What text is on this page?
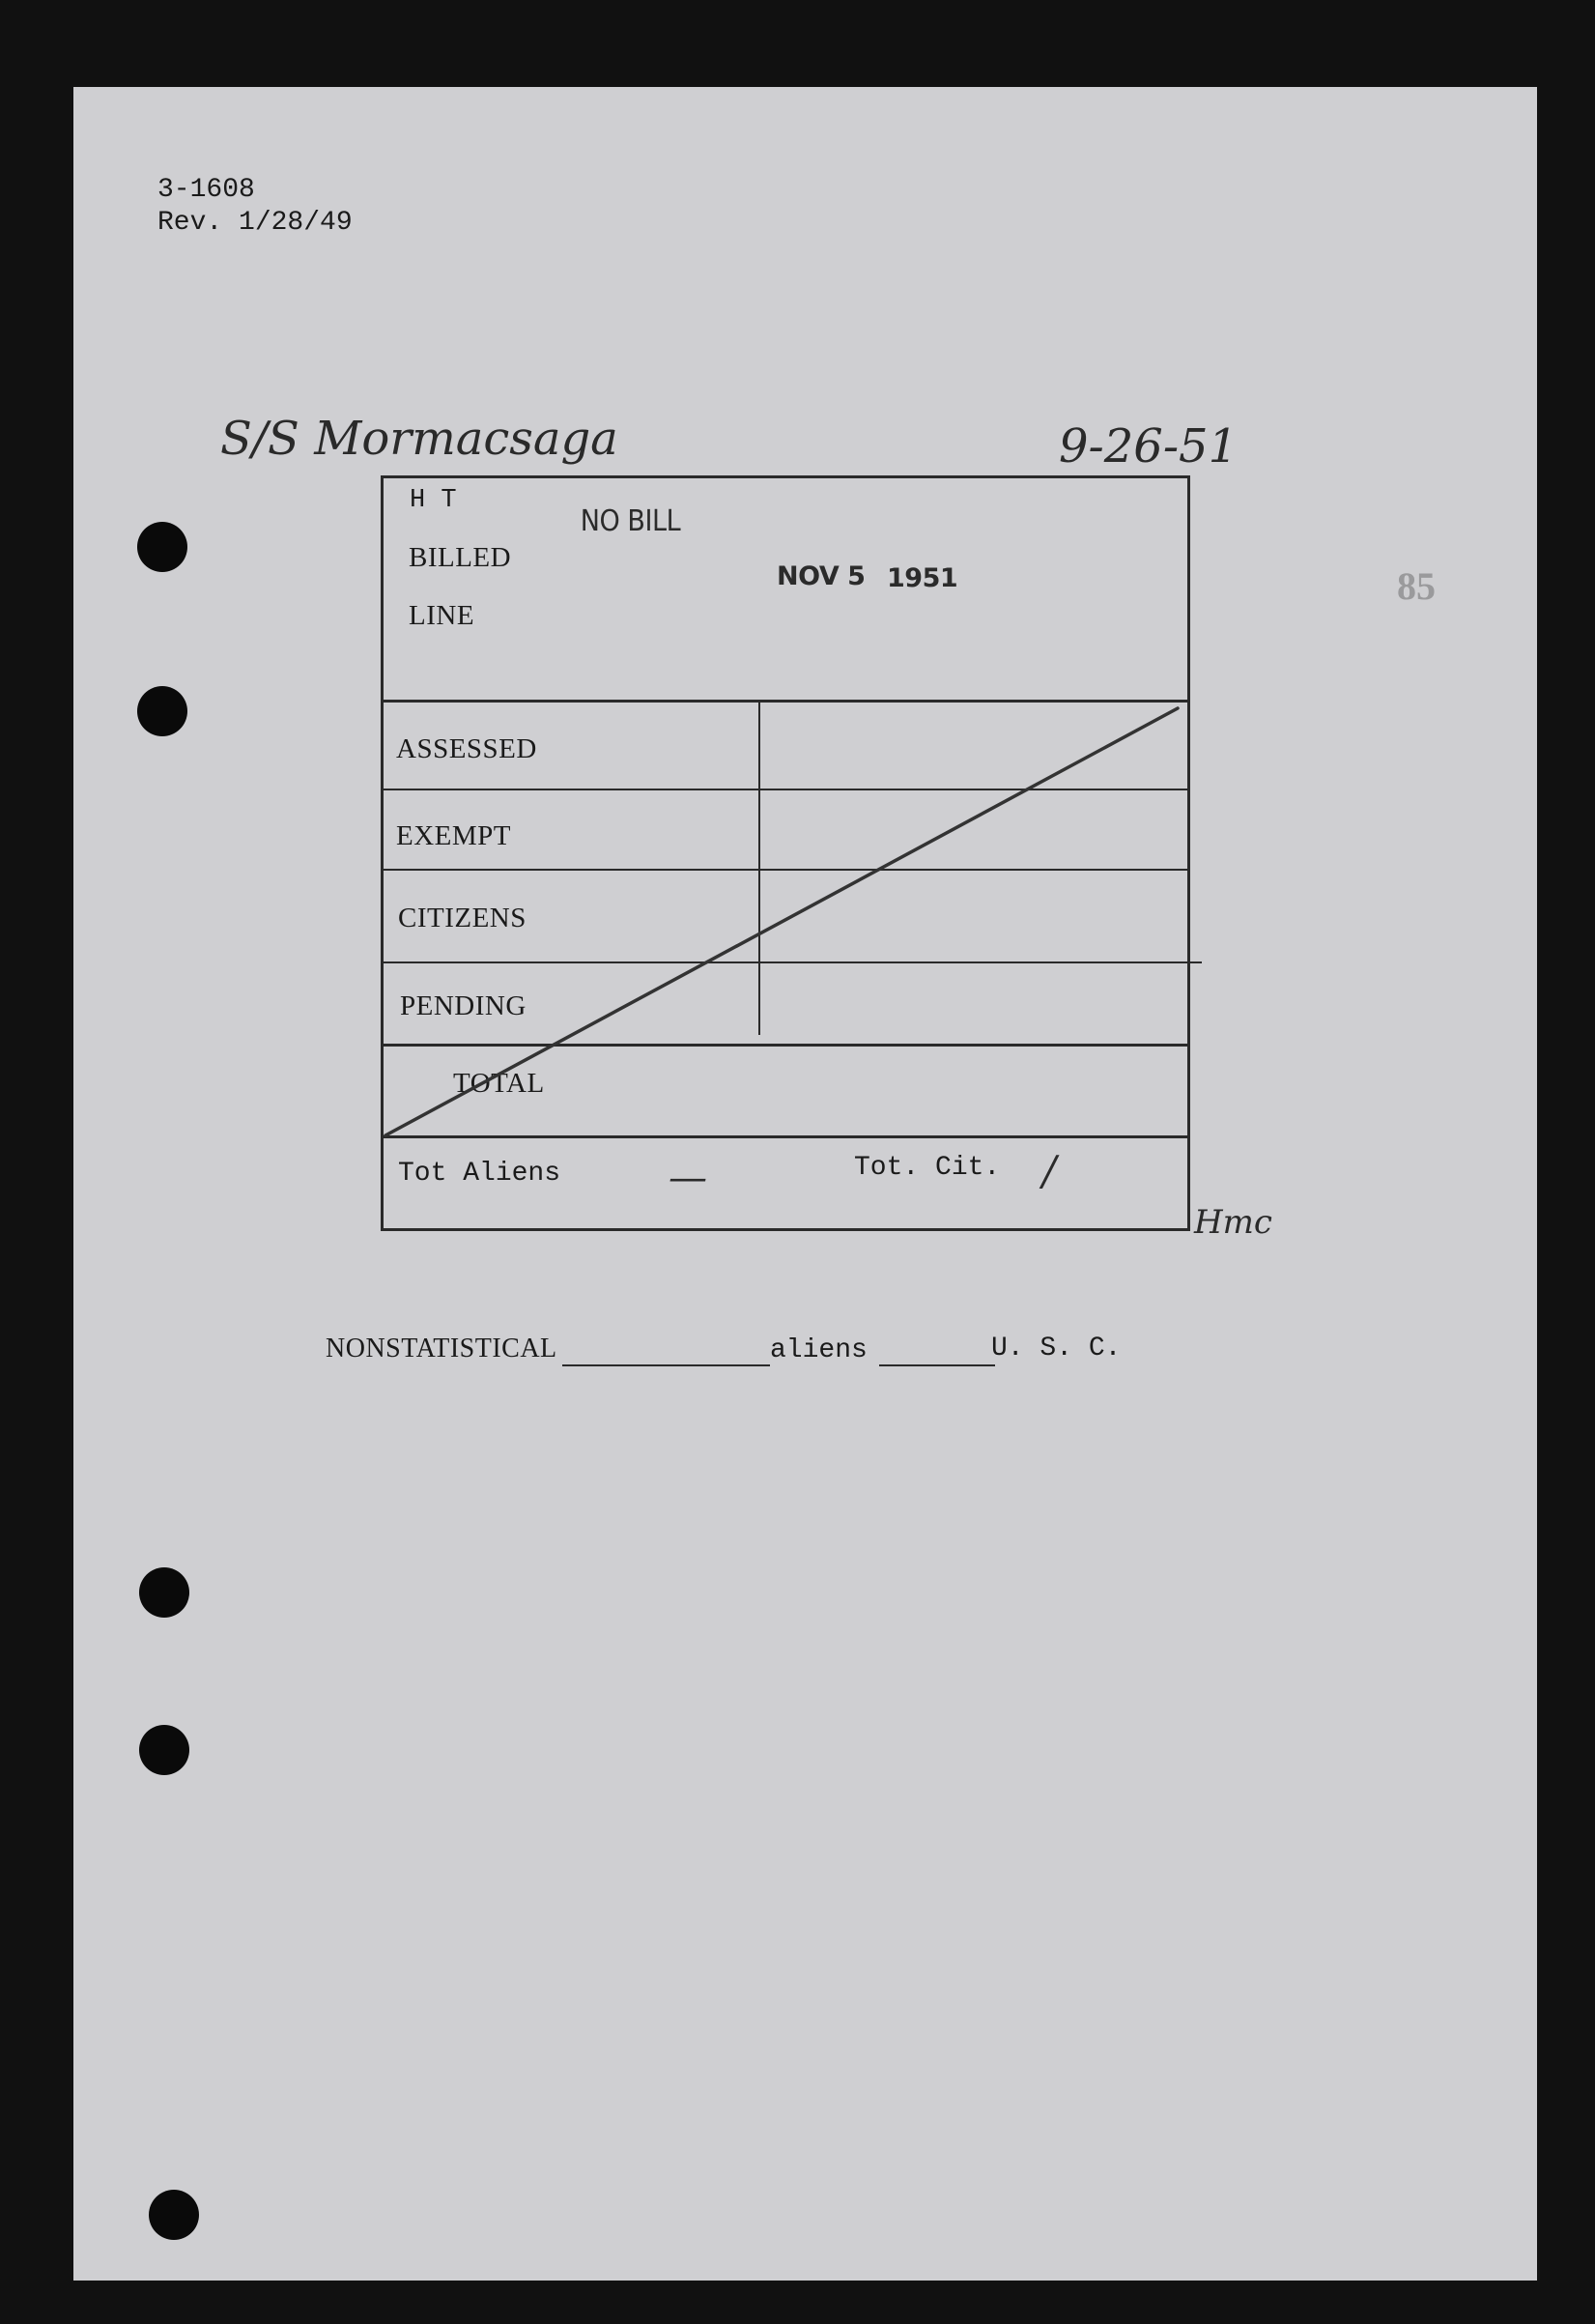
3-1608
Rev. 1/28/49
S/S Mormacsaga	9-26-51
85
H T
BILLED
LINE
NO BILL
NOV 5 1951
ASSESSED
EXEMPT
CITIZENS
PENDING
TOTAL
Tot Aliens	—	Tot. Cit. /
Hmc
NONSTATISTICAL	aliens	U. S. C.
